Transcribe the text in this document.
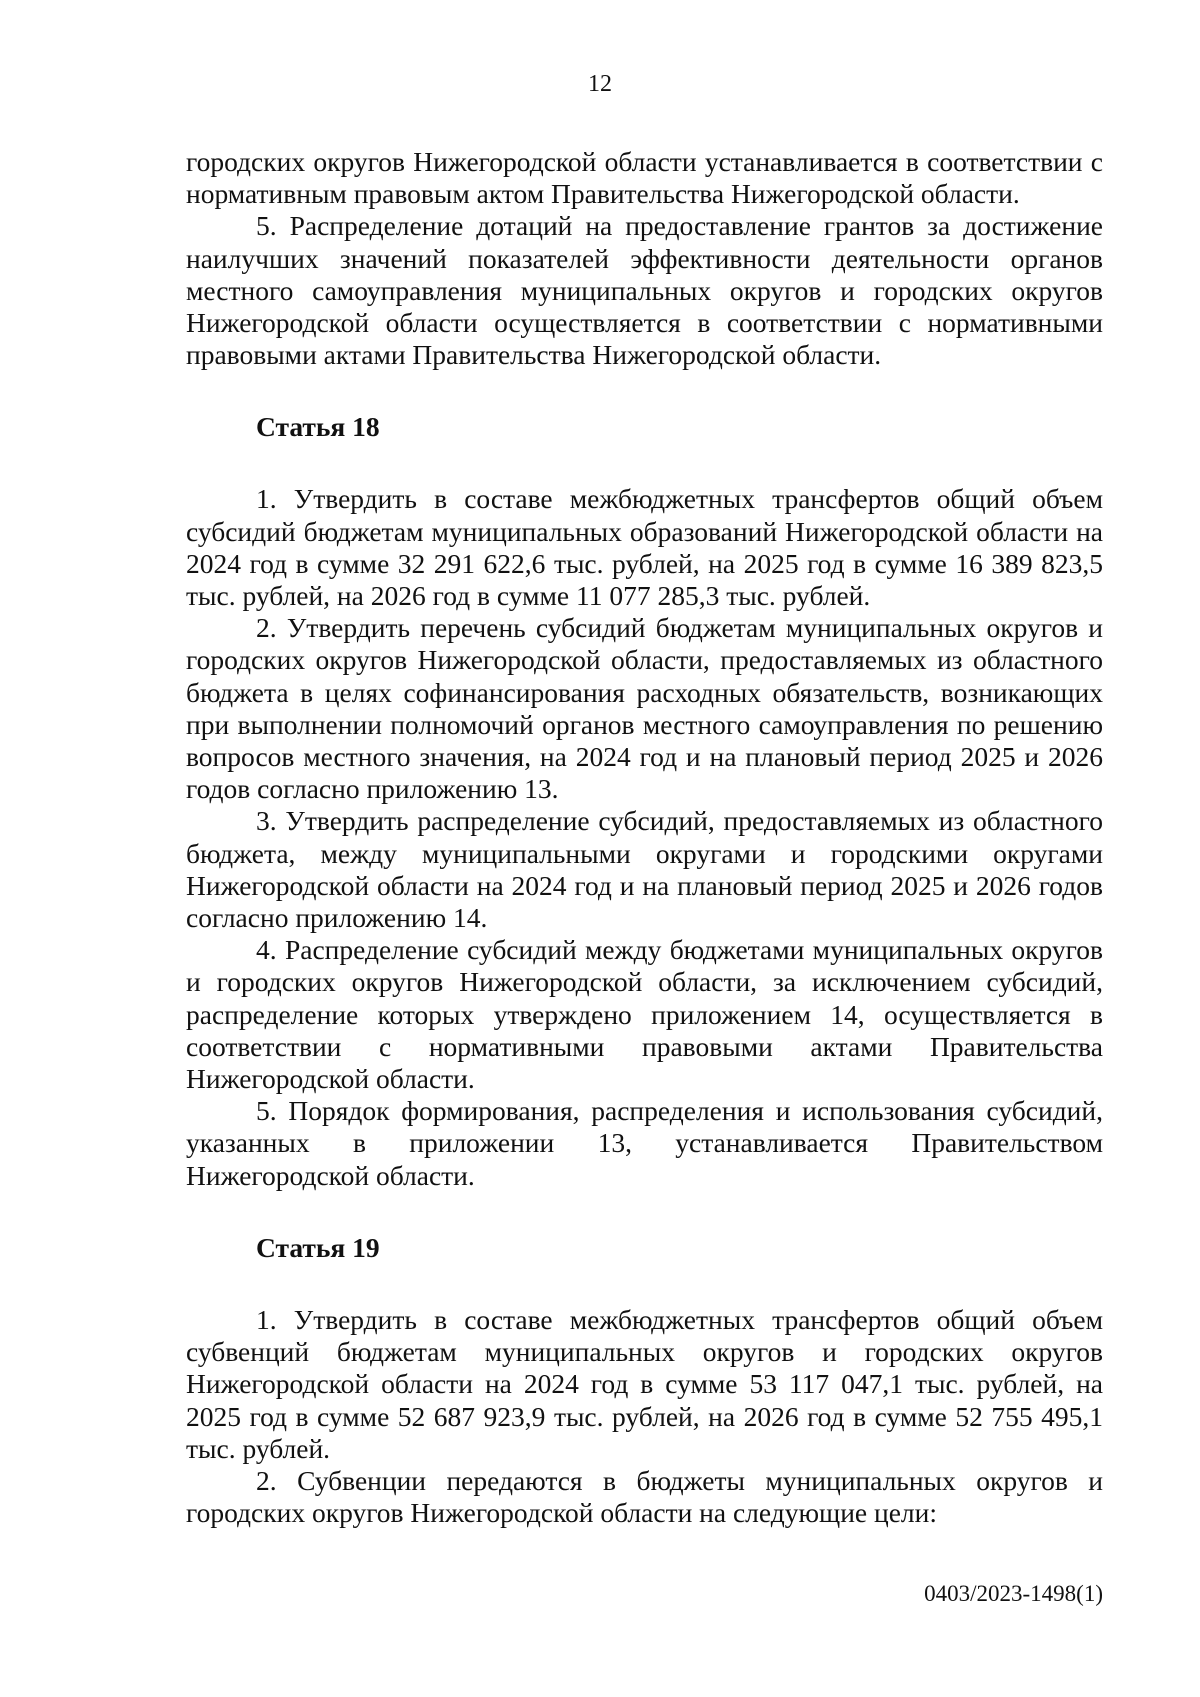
12

городских округов Нижегородской области устанавливается в соответствии с нормативным правовым актом Правительства Нижегородской области.

5. Распределение дотаций на предоставление грантов за достижение наилучших значений показателей эффективности деятельности органов местного самоуправления муниципальных округов и городских округов Нижегородской области осуществляется в соответствии с нормативными правовыми актами Правительства Нижегородской области.

Статья 18

1. Утвердить в составе межбюджетных трансфертов общий объем субсидий бюджетам муниципальных образований Нижегородской области на 2024 год в сумме 32 291 622,6 тыс. рублей, на 2025 год в сумме 16 389 823,5 тыс. рублей, на 2026 год в сумме 11 077 285,3 тыс. рублей.

2. Утвердить перечень субсидий бюджетам муниципальных округов и городских округов Нижегородской области, предоставляемых из областного бюджета в целях софинансирования расходных обязательств, возникающих при выполнении полномочий органов местного самоуправления по решению вопросов местного значения, на 2024 год и на плановый период 2025 и 2026 годов согласно приложению 13.

3. Утвердить распределение субсидий, предоставляемых из областного бюджета, между муниципальными округами и городскими округами Нижегородской области на 2024 год и на плановый период 2025 и 2026 годов согласно приложению 14.

4. Распределение субсидий между бюджетами муниципальных округов и городских округов Нижегородской области, за исключением субсидий, распределение которых утверждено приложением 14, осуществляется в соответствии с нормативными правовыми актами Правительства Нижегородской области.

5. Порядок формирования, распределения и использования субсидий, указанных в приложении 13, устанавливается Правительством Нижегородской области.

Статья 19

1. Утвердить в составе межбюджетных трансфертов общий объем субвенций бюджетам муниципальных округов и городских округов Нижегородской области на 2024 год в сумме 53 117 047,1 тыс. рублей, на 2025 год в сумме 52 687 923,9 тыс. рублей, на 2026 год в сумме 52 755 495,1 тыс. рублей.

2. Субвенции передаются в бюджеты муниципальных округов и городских округов Нижегородской области на следующие цели:

0403/2023-1498(1)
